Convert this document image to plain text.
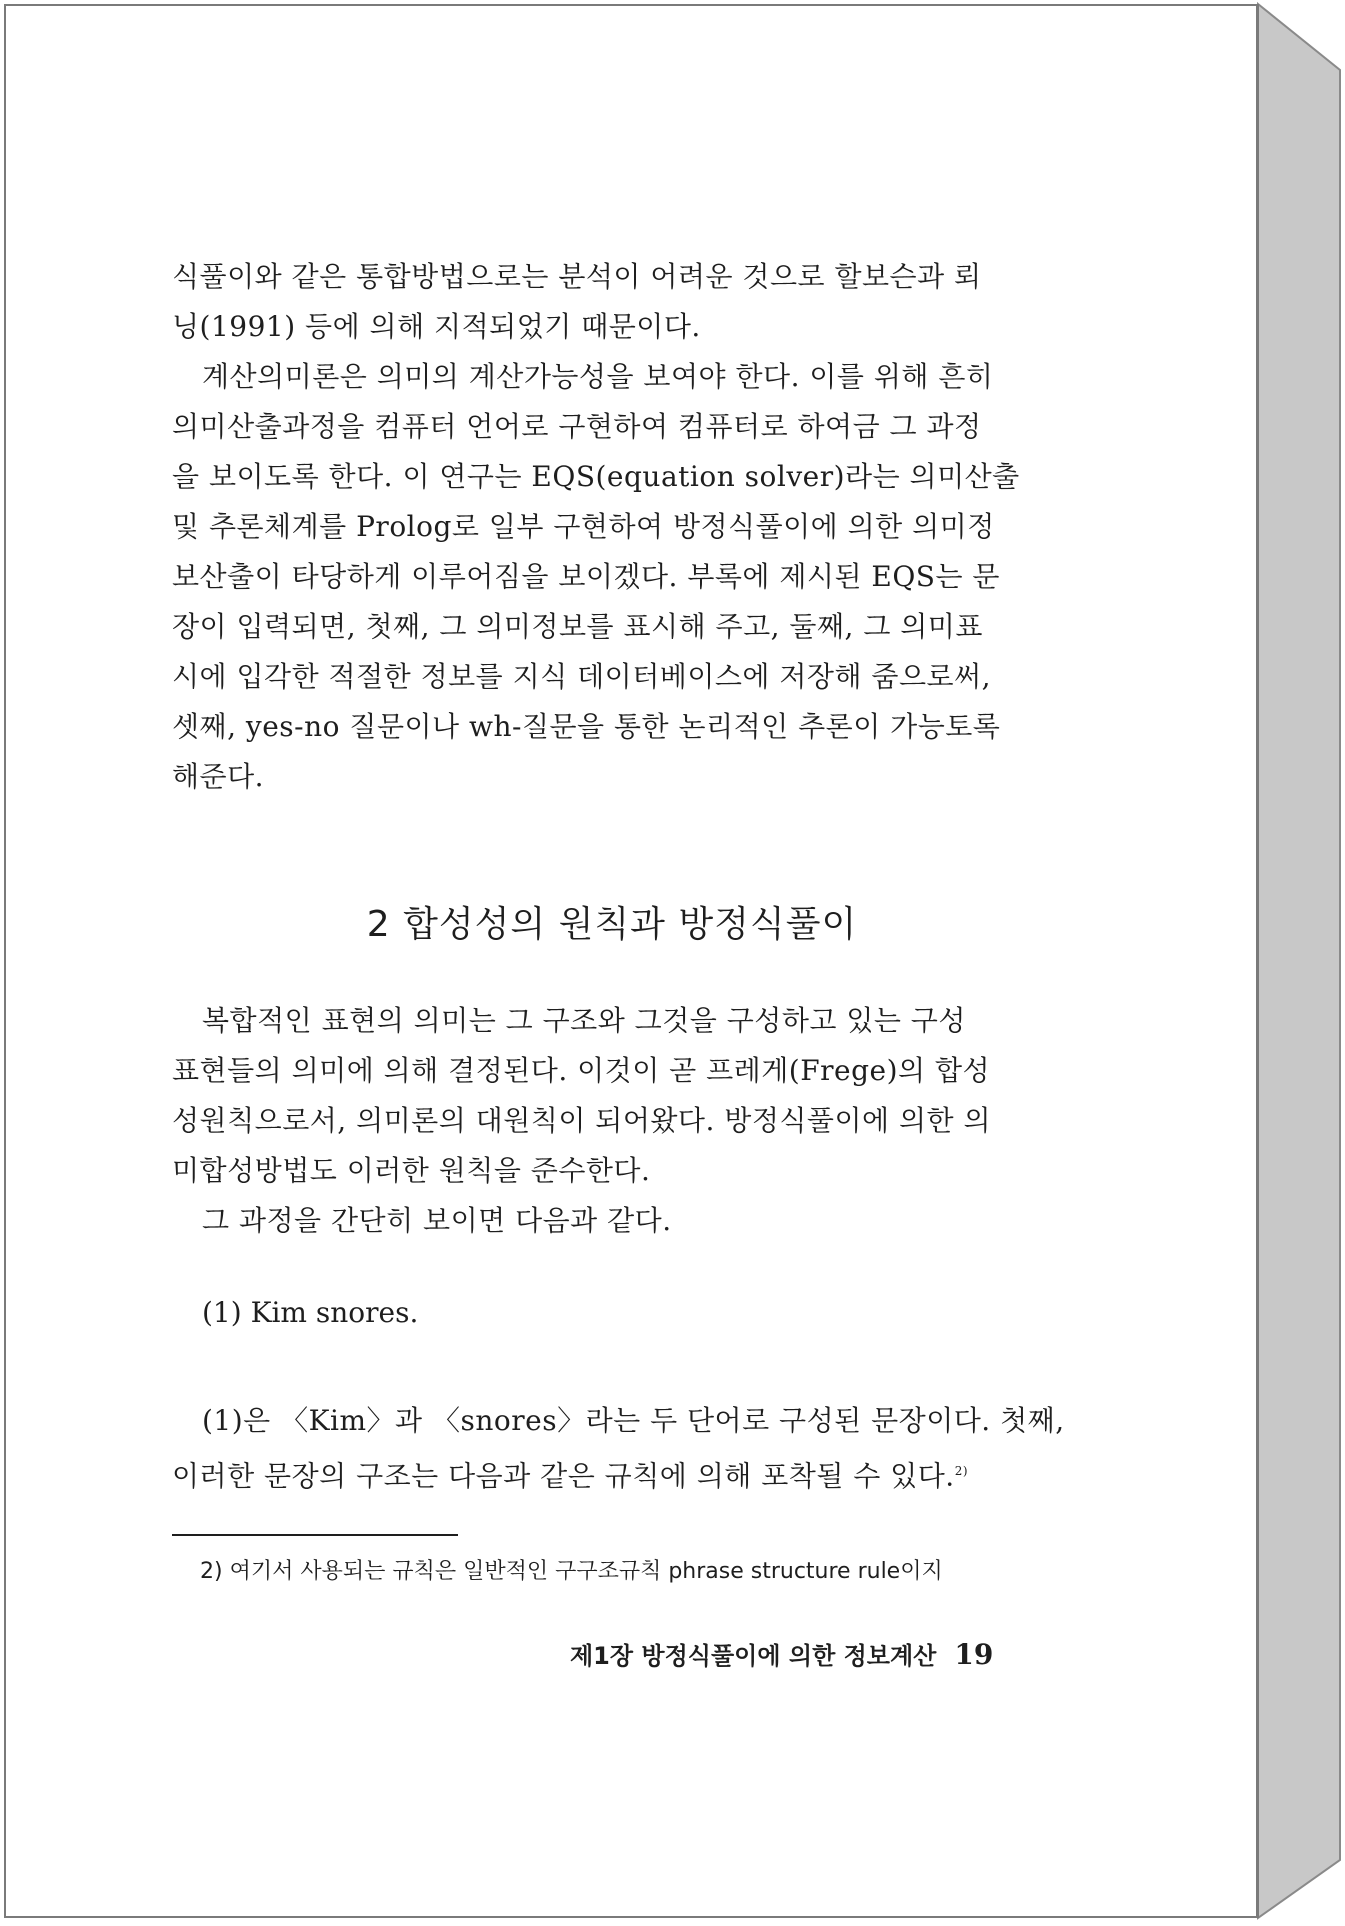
식풀이와 같은 통합방법으로는 분석이 어려운 것으로 할보슨과 뢰
닝(1991) 등에 의해 지적되었기 때문이다.
계산의미론은 의미의 계산가능성을 보여야 한다. 이를 위해 흔히
의미산출과정을 컴퓨터 언어로 구현하여 컴퓨터로 하여금 그 과정
을 보이도록 한다. 이 연구는 EQS(equation solver)라는 의미산출
및 추론체계를 Prolog로 일부 구현하여 방정식풀이에 의한 의미정
보산출이 타당하게 이루어짐을 보이겠다. 부록에 제시된 EQS는 문
장이 입력되면, 첫째, 그 의미정보를 표시해 주고, 둘째, 그 의미표
시에 입각한 적절한 정보를 지식 데이터베이스에 저장해 줌으로써,
셋째, yes-no 질문이나 wh-질문을 통한 논리적인 추론이 가능토록
해준다.
2 합성성의 원칙과 방정식풀이
복합적인 표현의 의미는 그 구조와 그것을 구성하고 있는 구성
표현들의 의미에 의해 결정된다. 이것이 곧 프레게(Frege)의 합성
성원칙으로서, 의미론의 대원칙이 되어왔다. 방정식풀이에 의한 의
미합성방법도 이러한 원칙을 준수한다.
그 과정을 간단히 보이면 다음과 같다.
(1) Kim snores.
(1)은 〈Kim〉과 〈snores〉라는 두 단어로 구성된 문장이다. 첫째,
이러한 문장의 구조는 다음과 같은 규칙에 의해 포착될 수 있다.$^{2)}$
2) 여기서 사용되는 규칙은 일반적인 구구조규칙 phrase structure rule이지
제1장 방정식풀이에 의한 정보계산 19
